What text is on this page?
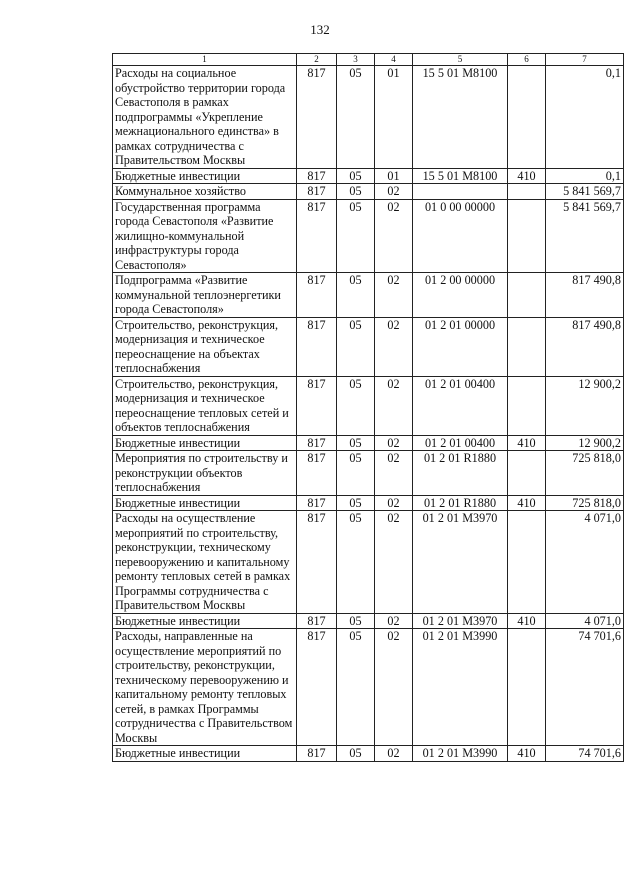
132
1	2	3	4	5	6	7
Расходы на социальное обустройство территории города Севастополя в рамках подпрограммы «Укрепление межнационального единства» в рамках сотрудничества с Правительством Москвы	817	05	01	15 5 01 M8100		0,1
Бюджетные инвестиции	817	05	01	15 5 01 M8100	410	0,1
Коммунальное хозяйство	817	05	02			5 841 569,7
Государственная программа города Севастополя «Развитие жилищно-коммунальной инфраструктуры города Севастополя»	817	05	02	01 0 00 00000		5 841 569,7
Подпрограмма «Развитие коммунальной теплоэнергетики города Севастополя»	817	05	02	01 2 00 00000		817 490,8
Строительство, реконструкция, модернизация и техническое переоснащение на объектах теплоснабжения	817	05	02	01 2 01 00000		817 490,8
Строительство, реконструкция, модернизация и техническое переоснащение тепловых сетей и объектов теплоснабжения	817	05	02	01 2 01 00400		12 900,2
Бюджетные инвестиции	817	05	02	01 2 01 00400	410	12 900,2
Мероприятия по строительству и реконструкции объектов теплоснабжения	817	05	02	01 2 01 R1880		725 818,0
Бюджетные инвестиции	817	05	02	01 2 01 R1880	410	725 818,0
Расходы на осуществление мероприятий по строительству, реконструкции, техническому перевооружению и капитальному ремонту тепловых сетей в рамках Программы сотрудничества с Правительством Москвы	817	05	02	01 2 01 M3970		4 071,0
Бюджетные инвестиции	817	05	02	01 2 01 M3970	410	4 071,0
Расходы, направленные на осуществление мероприятий по строительству, реконструкции, техническому перевооружению и капитальному ремонту тепловых сетей, в рамках Программы сотрудничества с Правительством Москвы	817	05	02	01 2 01 M3990		74 701,6
Бюджетные инвестиции	817	05	02	01 2 01 M3990	410	74 701,6
